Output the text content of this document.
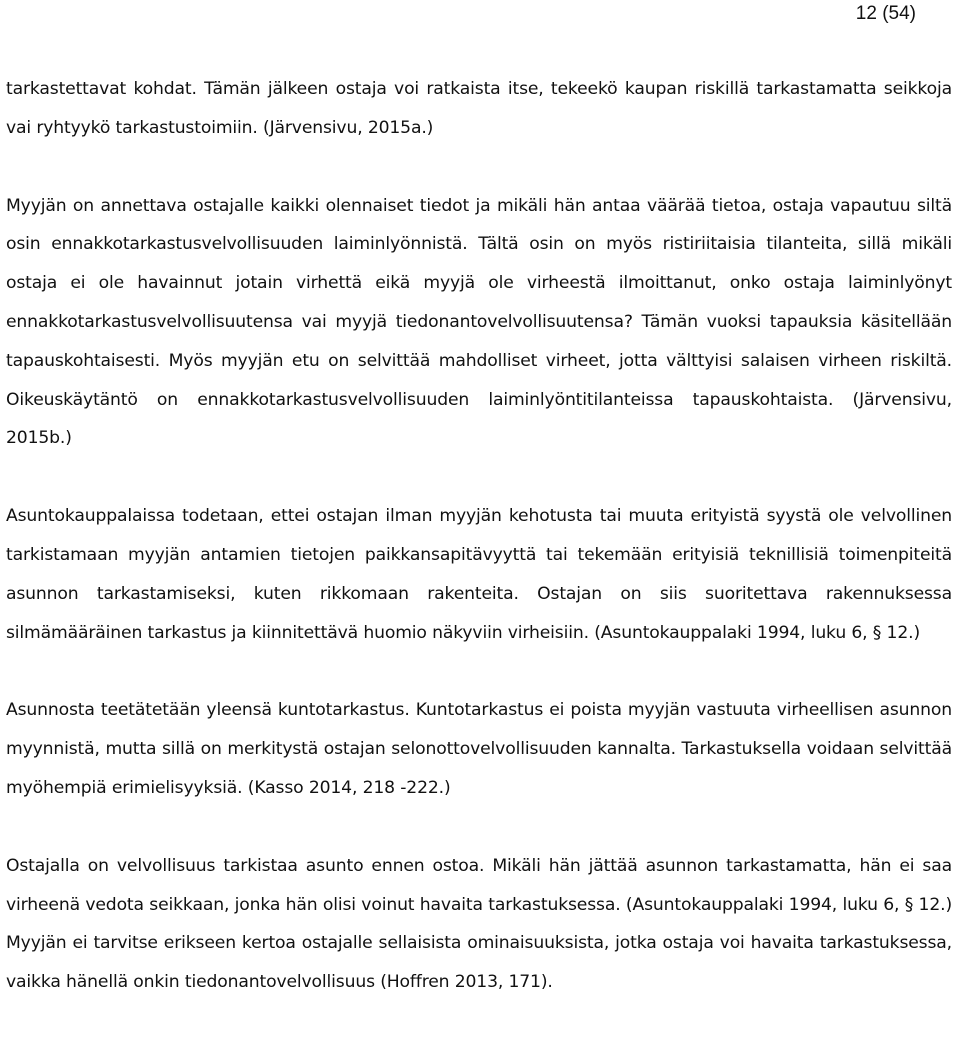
12 (54)

tarkastettavat kohdat. Tämän jälkeen ostaja voi ratkaista itse, tekeekö kaupan riskillä tarkastamatta seikkoja vai ryhtyykö tarkastustoimiin. (Järvensivu, 2015a.)

Myyjän on annettava ostajalle kaikki olennaiset tiedot ja mikäli hän antaa väärää tietoa, ostaja vapautuu siltä osin ennakkotarkastusvelvollisuuden laiminlyönnistä. Tältä osin on myös ristiriitaisia tilanteita, sillä mikäli ostaja ei ole havainnut jotain virhettä eikä myyjä ole virheestä ilmoittanut, onko ostaja laiminlyönyt ennakkotarkastusvelvollisuutensa vai myyjä tiedonantovelvollisuutensa? Tämän vuoksi tapauksia käsitellään tapauskohtaisesti. Myös myyjän etu on selvittää mahdolliset virheet, jotta välttyisi salaisen virheen riskiltä. Oikeuskäytäntö on ennakkotarkastusvelvollisuuden laiminlyöntitilanteissa tapauskohtaista. (Järvensivu, 2015b.)

Asuntokauppalaissa todetaan, ettei ostajan ilman myyjän kehotusta tai muuta erityistä syystä ole velvollinen tarkistamaan myyjän antamien tietojen paikkansapitävyyttä tai tekemään erityisiä teknillisiä toimenpiteitä asunnon tarkastamiseksi, kuten rikkomaan rakenteita. Ostajan on siis suoritettava rakennuksessa silmämääräinen tarkastus ja kiinnitettävä huomio näkyviin virheisiin. (Asuntokauppalaki 1994, luku 6, § 12.)

Asunnosta teetätetään yleensä kuntotarkastus. Kuntotarkastus ei poista myyjän vastuuta virheellisen asunnon myynnistä, mutta sillä on merkitystä ostajan selonottovelvollisuuden kannalta. Tarkastuksella voidaan selvittää myöhempiä erimielisyyksiä. (Kasso 2014, 218 -222.)

Ostajalla on velvollisuus tarkistaa asunto ennen ostoa. Mikäli hän jättää asunnon tarkastamatta, hän ei saa virheenä vedota seikkaan, jonka hän olisi voinut havaita tarkastuksessa. (Asuntokauppalaki 1994, luku 6, § 12.) Myyjän ei tarvitse erikseen kertoa ostajalle sellaisista ominaisuuksista, jotka ostaja voi havaita tarkastuksessa, vaikka hänellä onkin tiedonantovelvollisuus (Hoffren 2013, 171).
